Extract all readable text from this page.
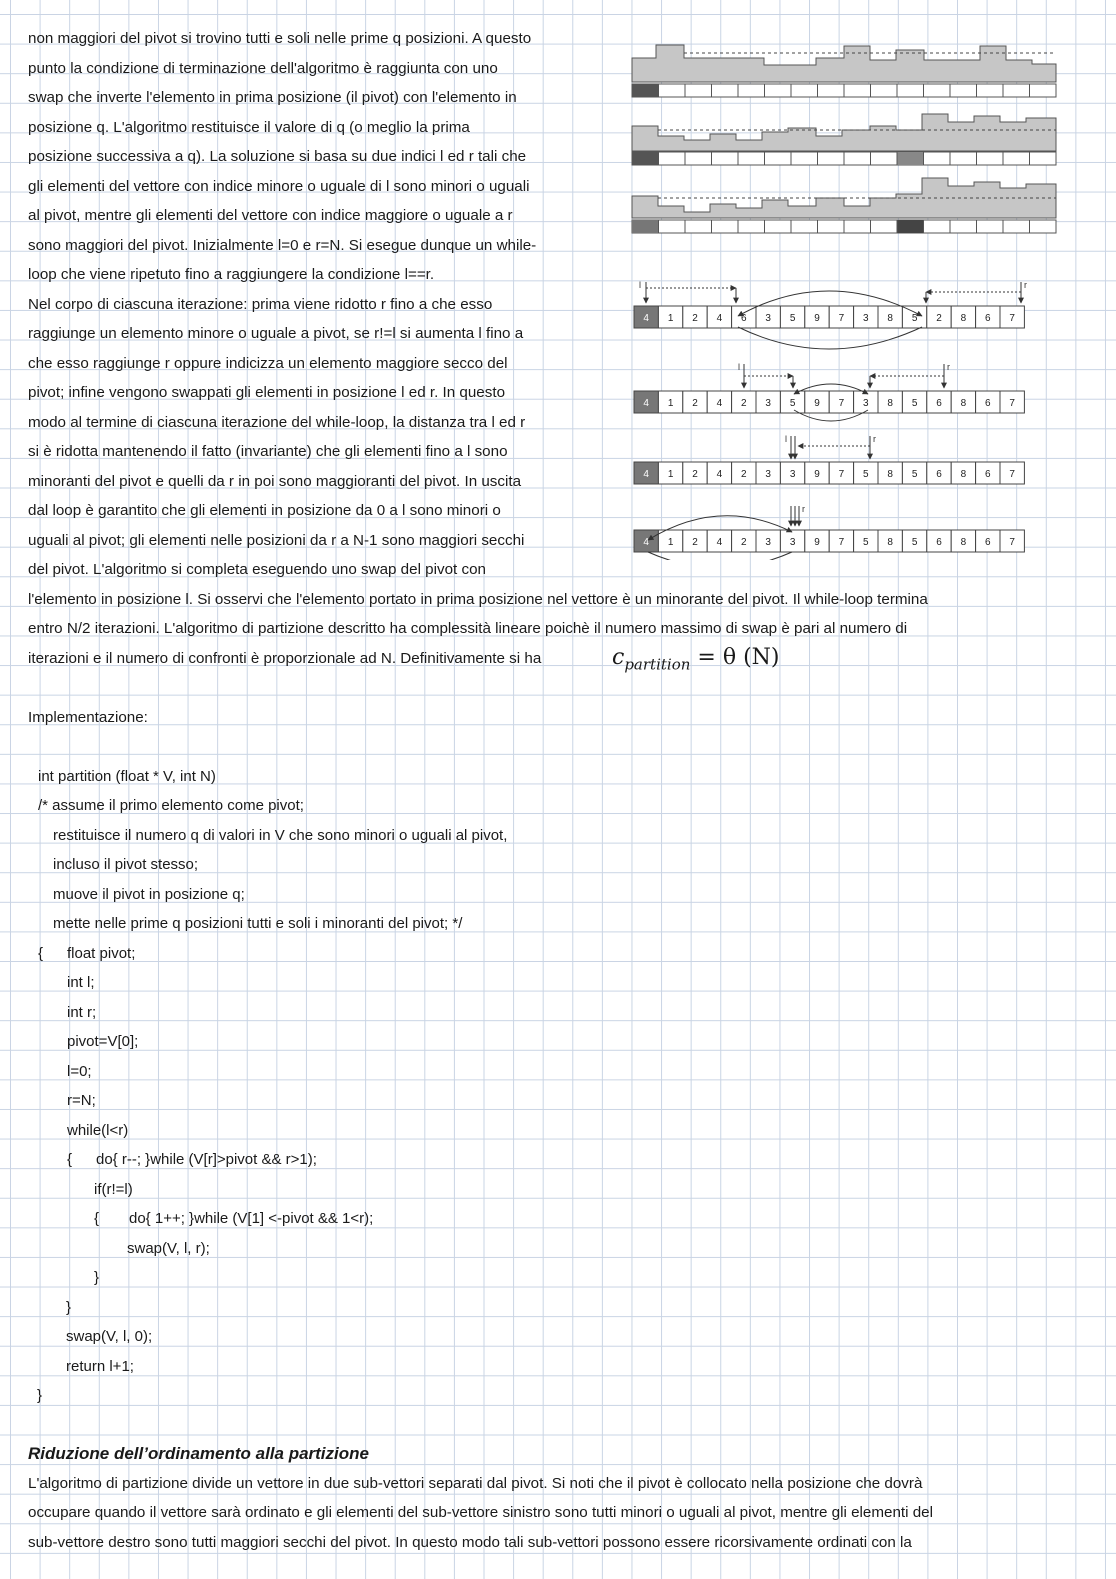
non maggiori del pivot si trovino tutti e soli nelle prime q posizioni. A questo
punto la condizione di terminazione dell'algoritmo è raggiunta con uno
swap che inverte l'elemento in prima posizione (il pivot) con l'elemento in
posizione q. L'algoritmo restituisce il valore di q (o meglio la prima
posizione successiva a q). La soluzione si basa su due indici l ed r tali che
gli elementi del vettore con indice minore o uguale di l sono minori o uguali
al pivot, mentre gli elementi del vettore con indice maggiore o uguale a r
sono maggiori del pivot. Inizialmente l=0 e r=N. Si esegue dunque un while-
loop che viene ripetuto fino a raggiungere la condizione l==r.
Nel corpo di ciascuna iterazione: prima viene ridotto r fino a che esso
raggiunge un elemento minore o uguale a pivot, se r!=l si aumenta l fino a
che esso raggiunge r oppure indicizza un elemento maggiore secco del
pivot; infine vengono swappati gli elementi in posizione l ed r. In questo
modo al termine di ciascuna iterazione del while-loop, la distanza tra l ed r
si è ridotta mantenendo il fatto (invariante) che gli elementi fino a l sono
minoranti del pivot e quelli da r in poi sono maggioranti del pivot. In uscita
dal loop è garantito che gli elementi in posizione da 0 a l sono minori o
uguali al pivot; gli elementi nelle posizioni da r a N-1 sono maggiori secchi
del pivot. L'algoritmo si completa eseguendo uno swap del pivot con
l'elemento in posizione l. Si osservi che l'elemento portato in prima posizione nel vettore è un minorante del pivot. Il while-loop termina
entro N/2 iterazioni. L'algoritmo di partizione descritto ha complessità lineare poichè il numero massimo di swap è pari al numero di
iterazioni e il numero di confronti è proporzionale ad N. Definitivamente si ha	$c_{partition} = \theta$ (N)
Implementazione:
int partition (float * V, int N)
/* assume il primo elemento come pivot;
restituisce il numero q di valori in V che sono minori o uguali al pivot,
incluso il pivot stesso;
muove il pivot in posizione q;
mette nelle prime q posizioni tutti e soli i minoranti del pivot; */
{ float pivot;
int l;
int r;
pivot=V[0];
l=0;
r=N;
while(l<r)
{ do{ r--; }while (V[r]>pivot && r>1);
if(r!=l)
{ do{ 1++; }while (V[1] <-pivot && 1<r);
swap(V, l, r);
}
}
swap(V, l, 0);
return l+1;
}
Riduzione dell’ordinamento alla partizione
L'algoritmo di partizione divide un vettore in due sub-vettori separati dal pivot. Si noti che il pivot è collocato nella posizione che dovrà
occupare quando il vettore sarà ordinato e gli elementi del sub-vettore sinistro sono tutti minori o uguali al pivot, mentre gli elementi del
sub-vettore destro sono tutti maggiori secchi del pivot. In questo modo tali sub-vettori possono essere ricorsivamente ordinati con la
4 1 2 4 6 3 5 9 7 3 8 5 2 8 6 7
4 1 2 4 2 3 5 9 7 3 8 5 6 8 6 7
4 1 2 4 2 3 3 9 7 5 8 5 6 8 6 7
4 1 2 4 2 3 3 9 7 5 8 5 6 8 6 7
l	r
l	r
l	r
r
